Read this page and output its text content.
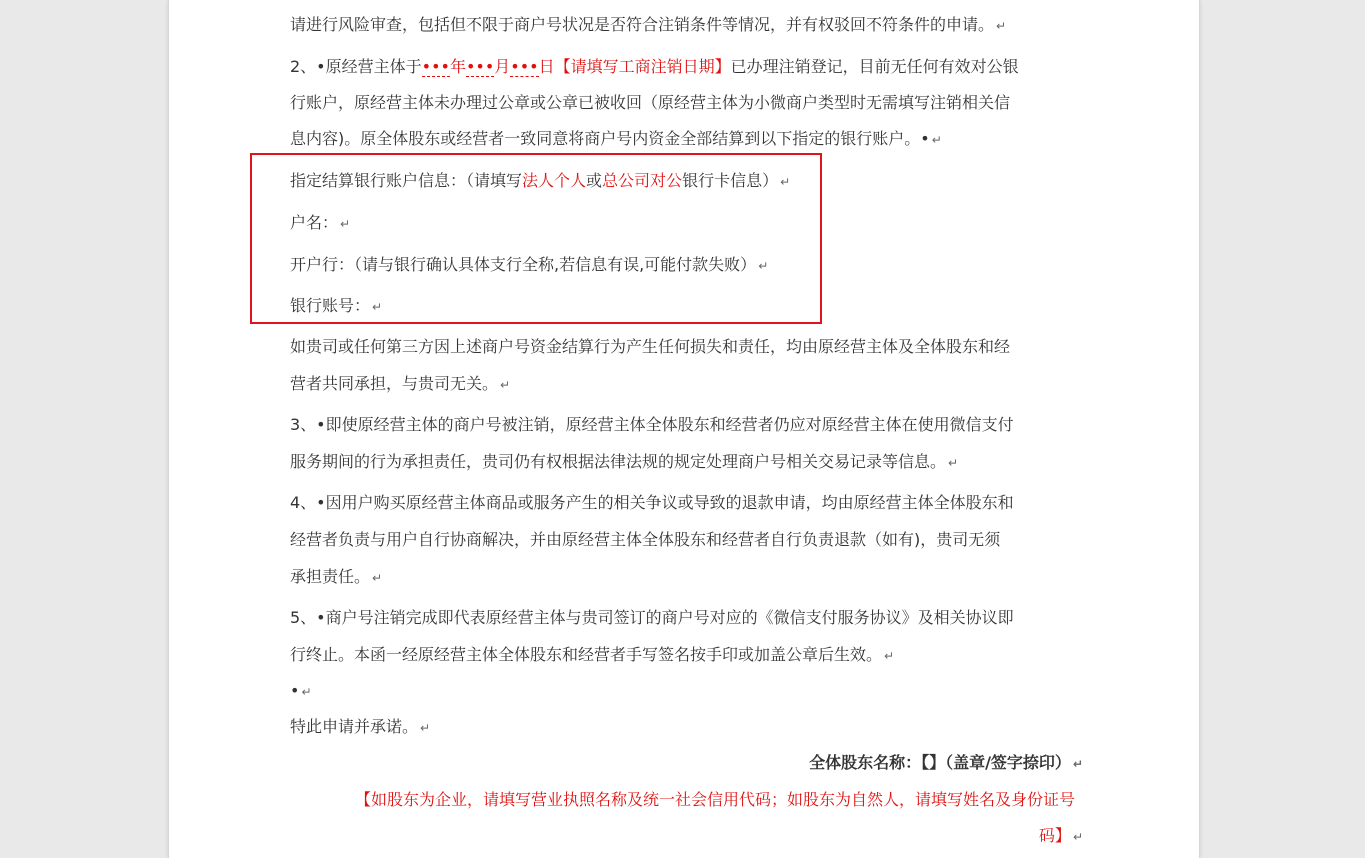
请进行风险审查，包括但不限于商户号状况是否符合注销条件等情况，并有权驳回不符条件的申请。 ↵
2、•原经营主体于•••年•••月•••日【请填写工商注销日期】已办理注销登记，目前无任何有效对公银
行账户，原经营主体未办理过公章或公章已被收回（原经营主体为小微商户类型时无需填写注销相关信
息内容)。原全体股东或经营者一致同意将商户号内资金全部结算到以下指定的银行账户。• ↵
指定结算银行账户信息：（请填写法人个人或总公司对公银行卡信息） ↵
户名： ↵
开户行：（请与银行确认具体支行全称,若信息有误,可能付款失败） ↵
银行账号： ↵
如贵司或任何第三方因上述商户号资金结算行为产生任何损失和责任，均由原经营主体及全体股东和经
营者共同承担，与贵司无关。 ↵
3、•即使原经营主体的商户号被注销，原经营主体全体股东和经营者仍应对原经营主体在使用微信支付
服务期间的行为承担责任，贵司仍有权根据法律法规的规定处理商户号相关交易记录等信息。 ↵
4、•因用户购买原经营主体商品或服务产生的相关争议或导致的退款申请，均由原经营主体全体股东和
经营者负责与用户自行协商解决，并由原经营主体全体股东和经营者自行负责退款（如有)，贵司无须
承担责任。 ↵
5、•商户号注销完成即代表原经营主体与贵司签订的商户号对应的《微信支付服务协议》及相关协议即
行终止。本函一经原经营主体全体股东和经营者手写签名按手印或加盖公章后生效。 ↵
• ↵
特此申请并承诺。 ↵
全体股东名称：【】（盖章/签字捺印） ↵
【如股东为企业，请填写营业执照名称及统一社会信用代码；如股东为自然人，请填写姓名及身份证号
码】 ↵
